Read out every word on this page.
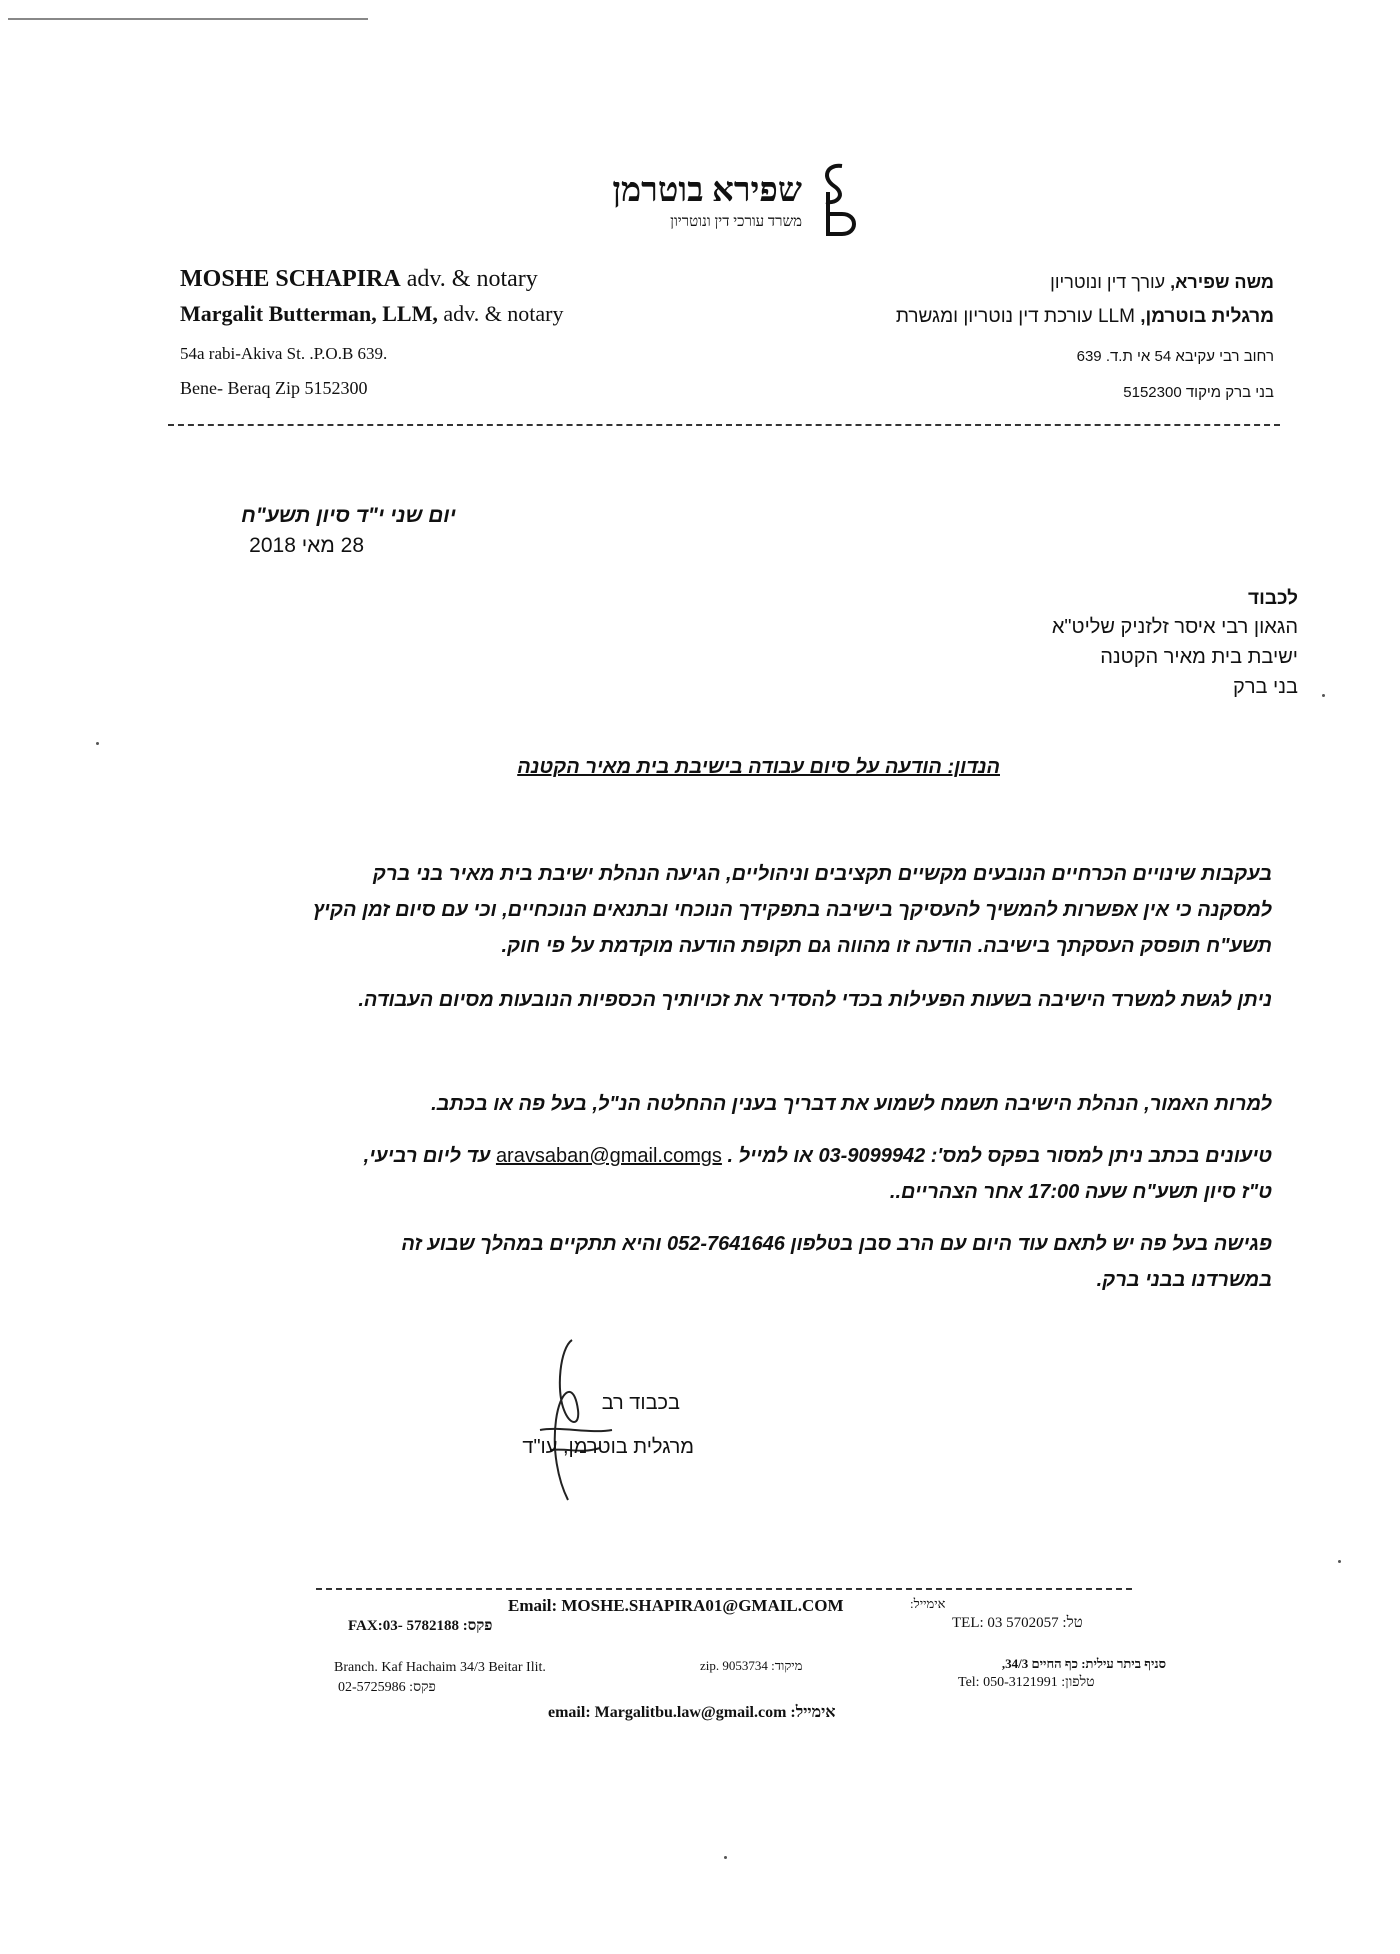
שפירא בוטרמן
משרד עורכי דין ונוטריון
MOSHE SCHAPIRA adv. & notary
Margalit Butterman, LLM, adv. & notary
54a rabi-Akiva St. .P.O.B 639.
Bene- Beraq Zip 5152300
משה שפירא, עורך דין ונוטריון
מרגלית בוטרמן, LLM עורכת דין נוטריון ומגשרת
רחוב רבי עקיבא 54 אי ת.ד. 639
בני ברק מיקוד 5152300
יום שני י"ד סיון תשע"ח
28 מאי 2018
לכבוד
הגאון רבי איסר זלזניק שליט"א
ישיבת בית מאיר הקטנה
בני ברק
הנדון: הודעה על סיום עבודה בישיבת בית מאיר הקטנה
בעקבות שינויים הכרחיים הנובעים מקשיים תקציבים וניהוליים, הגיעה הנהלת ישיבת בית מאיר בני ברק
למסקנה כי אין אפשרות להמשיך להעסיקך בישיבה בתפקידך הנוכחי ובתנאים הנוכחיים, וכי עם סיום זמן הקיץ
תשע"ח תופסק העסקתך בישיבה. הודעה זו מהווה גם תקופת הודעה מוקדמת על פי חוק.
ניתן לגשת למשרד הישיבה בשעות הפעילות בכדי להסדיר את זכויותיך הכספיות הנובעות מסיום העבודה.
למרות האמור, הנהלת הישיבה תשמח לשמוע את דבריך בענין ההחלטה הנ"ל, בעל פה או בכתב.
טיעונים בכתב ניתן למסור בפקס למס': 03-9099942 או למייל . aravsaban@gmail.comgs עד ליום רביעי,
ט"ז סיון תשע"ח שעה 17:00 אחר הצהריים..
פגישה בעל פה יש לתאם עוד היום עם הרב סבן בטלפון 052-7641646 והיא תתקיים במהלך שבוע זה
במשרדנו בבני ברק.
בכבוד רב
מרגלית בוטרמן, עו"ד
Email: MOSHE.SHAPIRA01@GMAIL.COM	אימייל:
FAX:03- 5782188 :פקס	TEL: 03 5702057 :טל
Branch. Kaf Hachaim 34/3 Beitar Ilit.	zip. 9053734 :מיקוד	סניף ביתר עילית: כף החיים 34/3,
02-5725986 :פקס	Tel: 050-3121991 :טלפון
email: Margalitbu.law@gmail.com :אימייל
